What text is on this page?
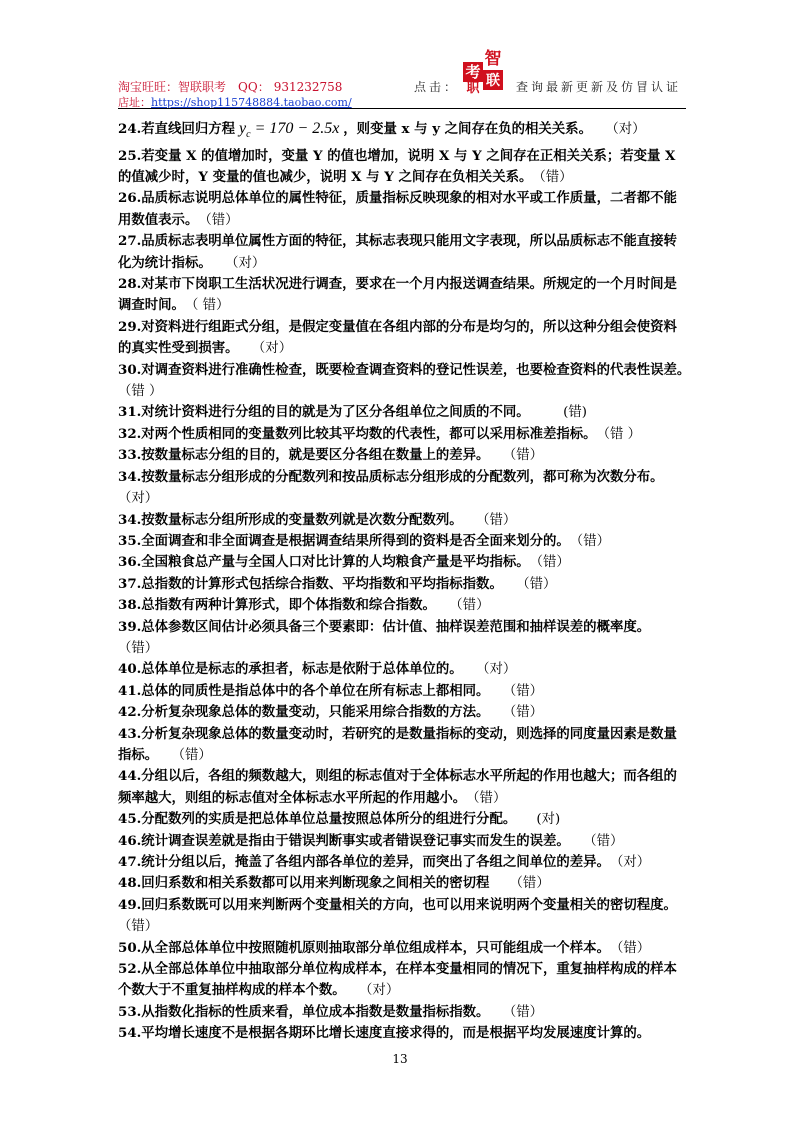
淘宝旺旺：智联职考 QQ： 931232758
店址：https://shop115748884.taobao.com/
点击：
考
智
职 联 查询最新更新及仿冒认证

24.若直线回归方程 $y_c = 170 - 2.5x$ ，则变量 x 与 y 之间存在负的相关关系。　　 （对）

25.若变量 X 的值增加时，变量 Y 的值也增加，说明 X 与 Y 之间存在正相关关系；若变量 X 的值减少时，Y 变量的值也减少，说明 X 与 Y 之间存在负相关关系。　 （错）

26.品质标志说明总体单位的属性特征，质量指标反映现象的相对水平或工作质量，二者都不能用数值表示。　 （错）

27.品质标志表明单位属性方面的特征，其标志表现只能用文字表现，所以品质标志不能直接转化为统计指标。　　 （对）

28.对某市下岗职工生活状况进行调查，要求在一个月内报送调查结果。所规定的一个月时间是调查时间。　 （ 错）

29.对资料进行组距式分组，是假定变量值在各组内部的分布是均匀的，所以这种分组会使资料的真实性受到损害。　　 （对）

30.对调查资料进行准确性检查，既要检查调查资料的登记性误差，也要检查资料的代表性误差。　　（错 ）

31.对统计资料进行分组的目的就是为了区分各组单位之间质的不同。　　　	(错)

32.对两个性质相同的变量数列比较其平均数的代表性，都可以采用标准差指标。　 （错 ）

33.按数量标志分组的目的，就是要区分各组在数量上的差异。　　 （错）

34.按数量标志分组形成的分配数列和按品质标志分组形成的分配数列，都可称为次数分布。　　（对）

34.按数量标志分组所形成的变量数列就是次数分配数列。　　 （错）

35.全面调查和非全面调查是根据调查结果所得到的资料是否全面来划分的。　 （错）

36.全国粮食总产量与全国人口对比计算的人均粮食产量是平均指标。　 （错）

37.总指数的计算形式包括综合指数、平均指数和平均指标指数。　　 （错）

38.总指数有两种计算形式，即个体指数和综合指数。　　 （错）

39.总体参数区间估计必须具备三个要素即：估计值、抽样误差范围和抽样误差的概率度。　　（错）

40.总体单位是标志的承担者，标志是依附于总体单位的。　　 （对）

41.总体的同质性是指总体中的各个单位在所有标志上都相同。　　 （错）

42.分析复杂现象总体的数量变动，只能采用综合指数的方法。　　 （错）

43.分析复杂现象总体的数量变动时，若研究的是数量指标的变动，则选择的同度量因素是数量指标。　　 （错）

44.分组以后，各组的频数越大，则组的标志值对于全体标志水平所起的作用也越大；而各组的频率越大，则组的标志值对全体标志水平所起的作用越小。　 （错）

45.分配数列的实质是把总体单位总量按照总体所分的组进行分配。　　 (对)

46.统计调查误差就是指由于错误判断事实或者错误登记事实而发生的误差。　　 （错）

47.统计分组以后，掩盖了各组内部各单位的差异，而突出了各组之间单位的差异。　 （对）

48.回归系数和相关系数都可以用来判断现象之间相关的密切程　　 （错）

49.回归系数既可以用来判断两个变量相关的方向，也可以用来说明两个变量相关的密切程度。　（错）

50.从全部总体单位中按照随机原则抽取部分单位组成样本，只可能组成一个样本。　 （错）

52.从全部总体单位中抽取部分单位构成样本，在样本变量相同的情况下，重复抽样构成的样本个数大于不重复抽样构成的样本个数。　　 （对）

53.从指数化指标的性质来看，单位成本指数是数量指标指数。　　 （错）

54.平均增长速度不是根据各期环比增长速度直接求得的，而是根据平均发展速度计算的。

13
